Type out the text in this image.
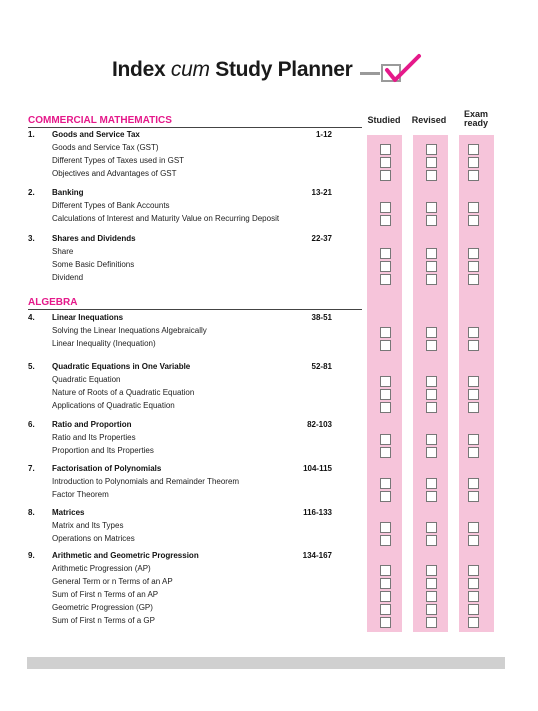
Index cum Study Planner
Studied	Revised
Exam
ready
COMMERCIAL MATHEMATICS
ALGEBRA
1. Goods and Service Tax	1-12
Goods and Service Tax (GST)
Different Types of Taxes used in GST
Objectives and Advantages of GST
2. Banking	13-21
Different Types of Bank Accounts
Calculations of Interest and Maturity Value on Recurring Deposit
3. Shares and Dividends	22-37
Share
Some Basic Definitions
Dividend
4. Linear Inequations	38-51
Solving the Linear Inequations Algebraically
Linear Inequality (Inequation)
5. Quadratic Equations in One Variable	52-81
Quadratic Equation
Nature of Roots of a Quadratic Equation
Applications of Quadratic Equation
6. Ratio and Proportion	82-103
Ratio and Its Properties
Proportion and Its Properties
7. Factorisation of Polynomials	104-115
Introduction to Polynomials and Remainder Theorem
Factor Theorem
8. Matrices	116-133
Matrix and Its Types
Operations on Matrices
9. Arithmetic and Geometric Progression	134-167
Arithmetic Progression (AP)
General Term or n Terms of an AP
Sum of First n Terms of an AP
Geometric Progression (GP)
Sum of First n Terms of a GP
